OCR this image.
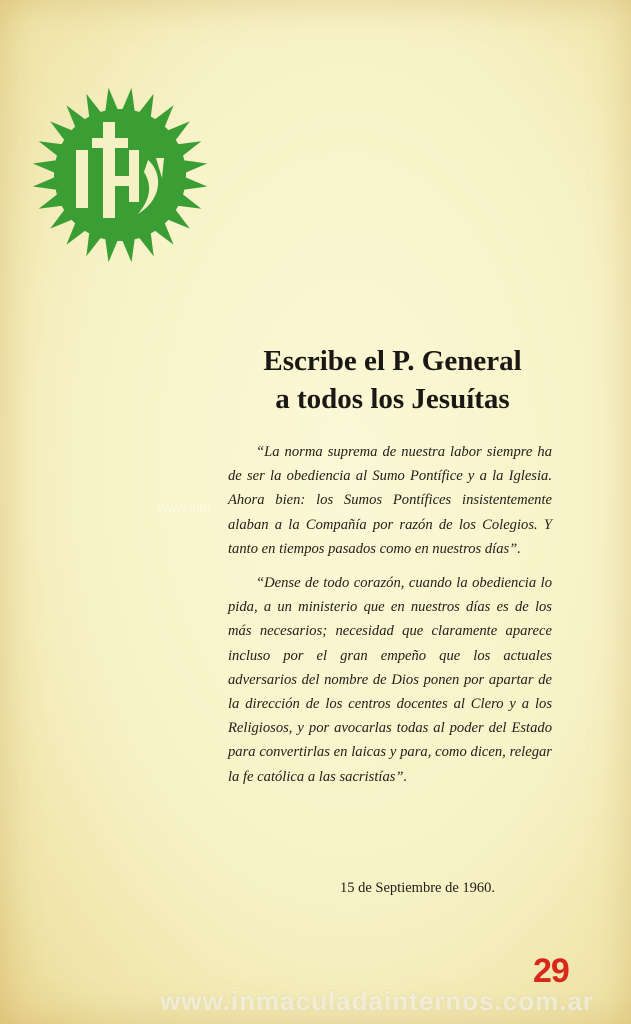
Escribe el P. General
a todos los Jesuítas

“La norma suprema de nuestra labor siempre ha de ser la obediencia al Sumo Pontífice y a la Iglesia. Ahora bien: los Sumos Pontífices insistentemente alaban a la Compañía por razón de los Colegios. Y tanto en tiempos pasados como en nuestros días”.

“Dense de todo corazón, cuando la obediencia lo pida, a un ministerio que en nuestros días es de los más necesarios; necesidad que claramente aparece incluso por el gran empeño que los actuales adversarios del nombre de Dios ponen por apartar de la dirección de los centros docentes al Clero y a los Religiosos, y por avocarlas todas al poder del Estado para convertirlas en laicas y para, como dicen, relegar la fe católica a las sacristías”.

15 de Septiembre de 1960.
29
www.inm
www.inmaculadainternos.com.ar
